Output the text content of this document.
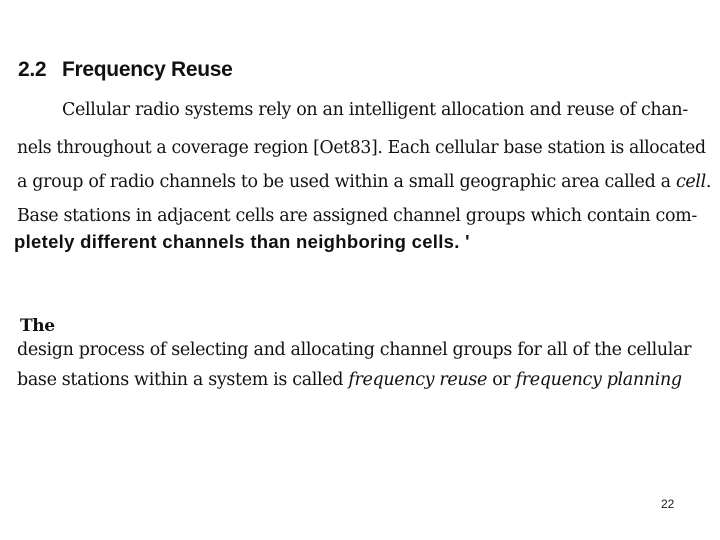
2.2 Frequency Reuse

Cellular radio systems rely on an intelligent allocation and reuse of chan-

nels throughout a coverage region [Oet83]. Each cellular base station is allocated

a group of radio channels to be used within a small geographic area called a cell.

Base stations in adjacent cells are assigned channel groups which contain com-

pletely different channels than neighboring cells. '

The

design process of selecting and allocating channel groups for all of the cellular

base stations within a system is called frequency reuse or frequency planning

22
